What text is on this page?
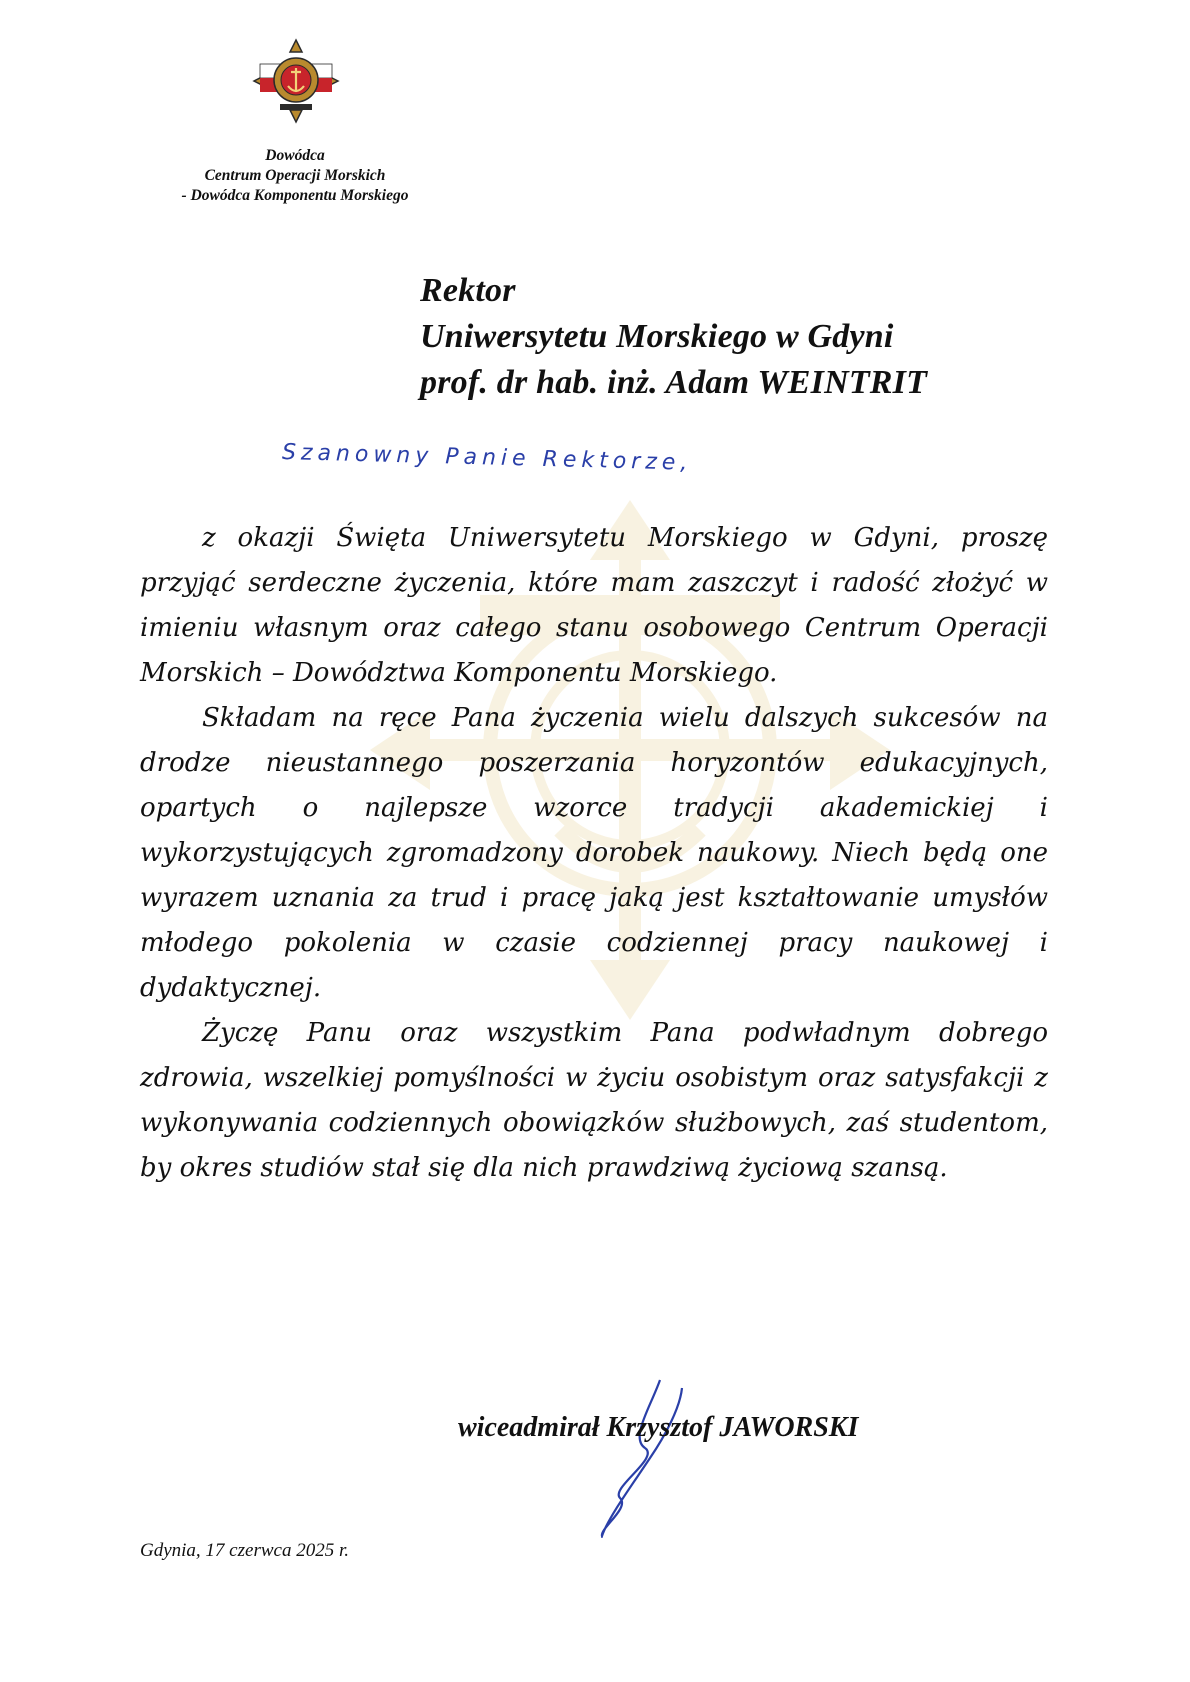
Dowódca
Centrum Operacji Morskich
- Dowódca Komponentu Morskiego
Rektor
Uniwersytetu Morskiego w Gdyni
prof. dr hab. inż. Adam WEINTRIT
Szanowny Panie Rektorze,

z okazji Święta Uniwersytetu Morskiego w Gdyni, proszę przyjąć serdeczne życzenia, które mam zaszczyt i radość złożyć w imieniu własnym oraz całego stanu osobowego Centrum Operacji Morskich – Dowództwa Komponentu Morskiego.

Składam na ręce Pana życzenia wielu dalszych sukcesów na drodze nieustannego poszerzania horyzontów edukacyjnych, opartych o najlepsze wzorce tradycji akademickiej i wykorzystujących zgromadzony dorobek naukowy. Niech będą one wyrazem uznania za trud i pracę jaką jest kształtowanie umysłów młodego pokolenia w czasie codziennej pracy naukowej i dydaktycznej.

Życzę Panu oraz wszystkim Pana podwładnym dobrego zdrowia, wszelkiej pomyślności w życiu osobistym oraz satysfakcji z wykonywania codziennych obowiązków służbowych, zaś studentom, by okres studiów stał się dla nich prawdziwą życiową szansą.

wiceadmirał Krzysztof JAWORSKI
Gdynia, 17 czerwca 2025 r.
